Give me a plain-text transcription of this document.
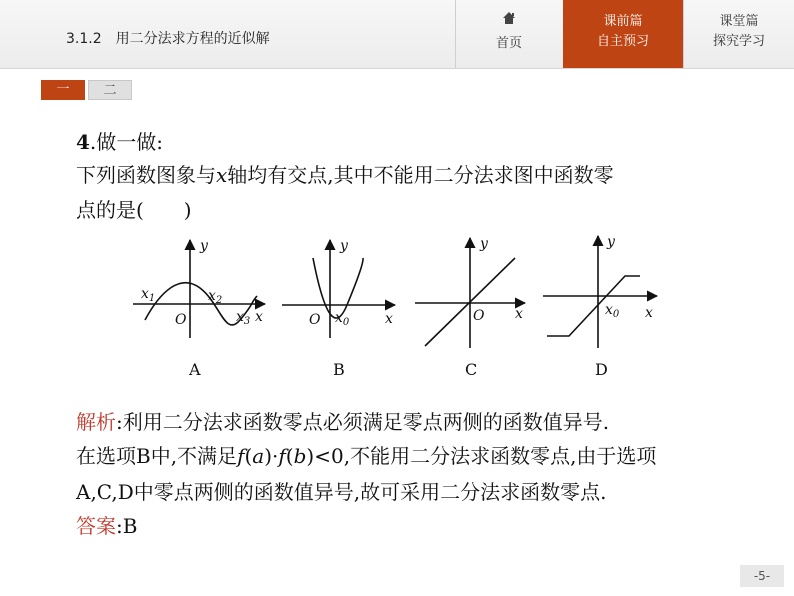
3.1.2　用二分法求方程的近似解	首页
课前篇
自主预习
课堂篇
探究学习
一	二
4.做一做:
下列函数图象与x轴均有交点,其中不能用二分法求图中函数零
点的是(　　)
y
x
O
$x_1$	$x_2$
$x_3$
A
y
x
O $x_0$
B
y
x
O
C
y
x
$x_0$
D
解析:利用二分法求函数零点必须满足零点两侧的函数值异号.
在选项B中,不满足f(a)·f(b)<0,不能用二分法求函数零点,由于选项
A,C,D中零点两侧的函数值异号,故可采用二分法求函数零点.
答案:B
-5-
